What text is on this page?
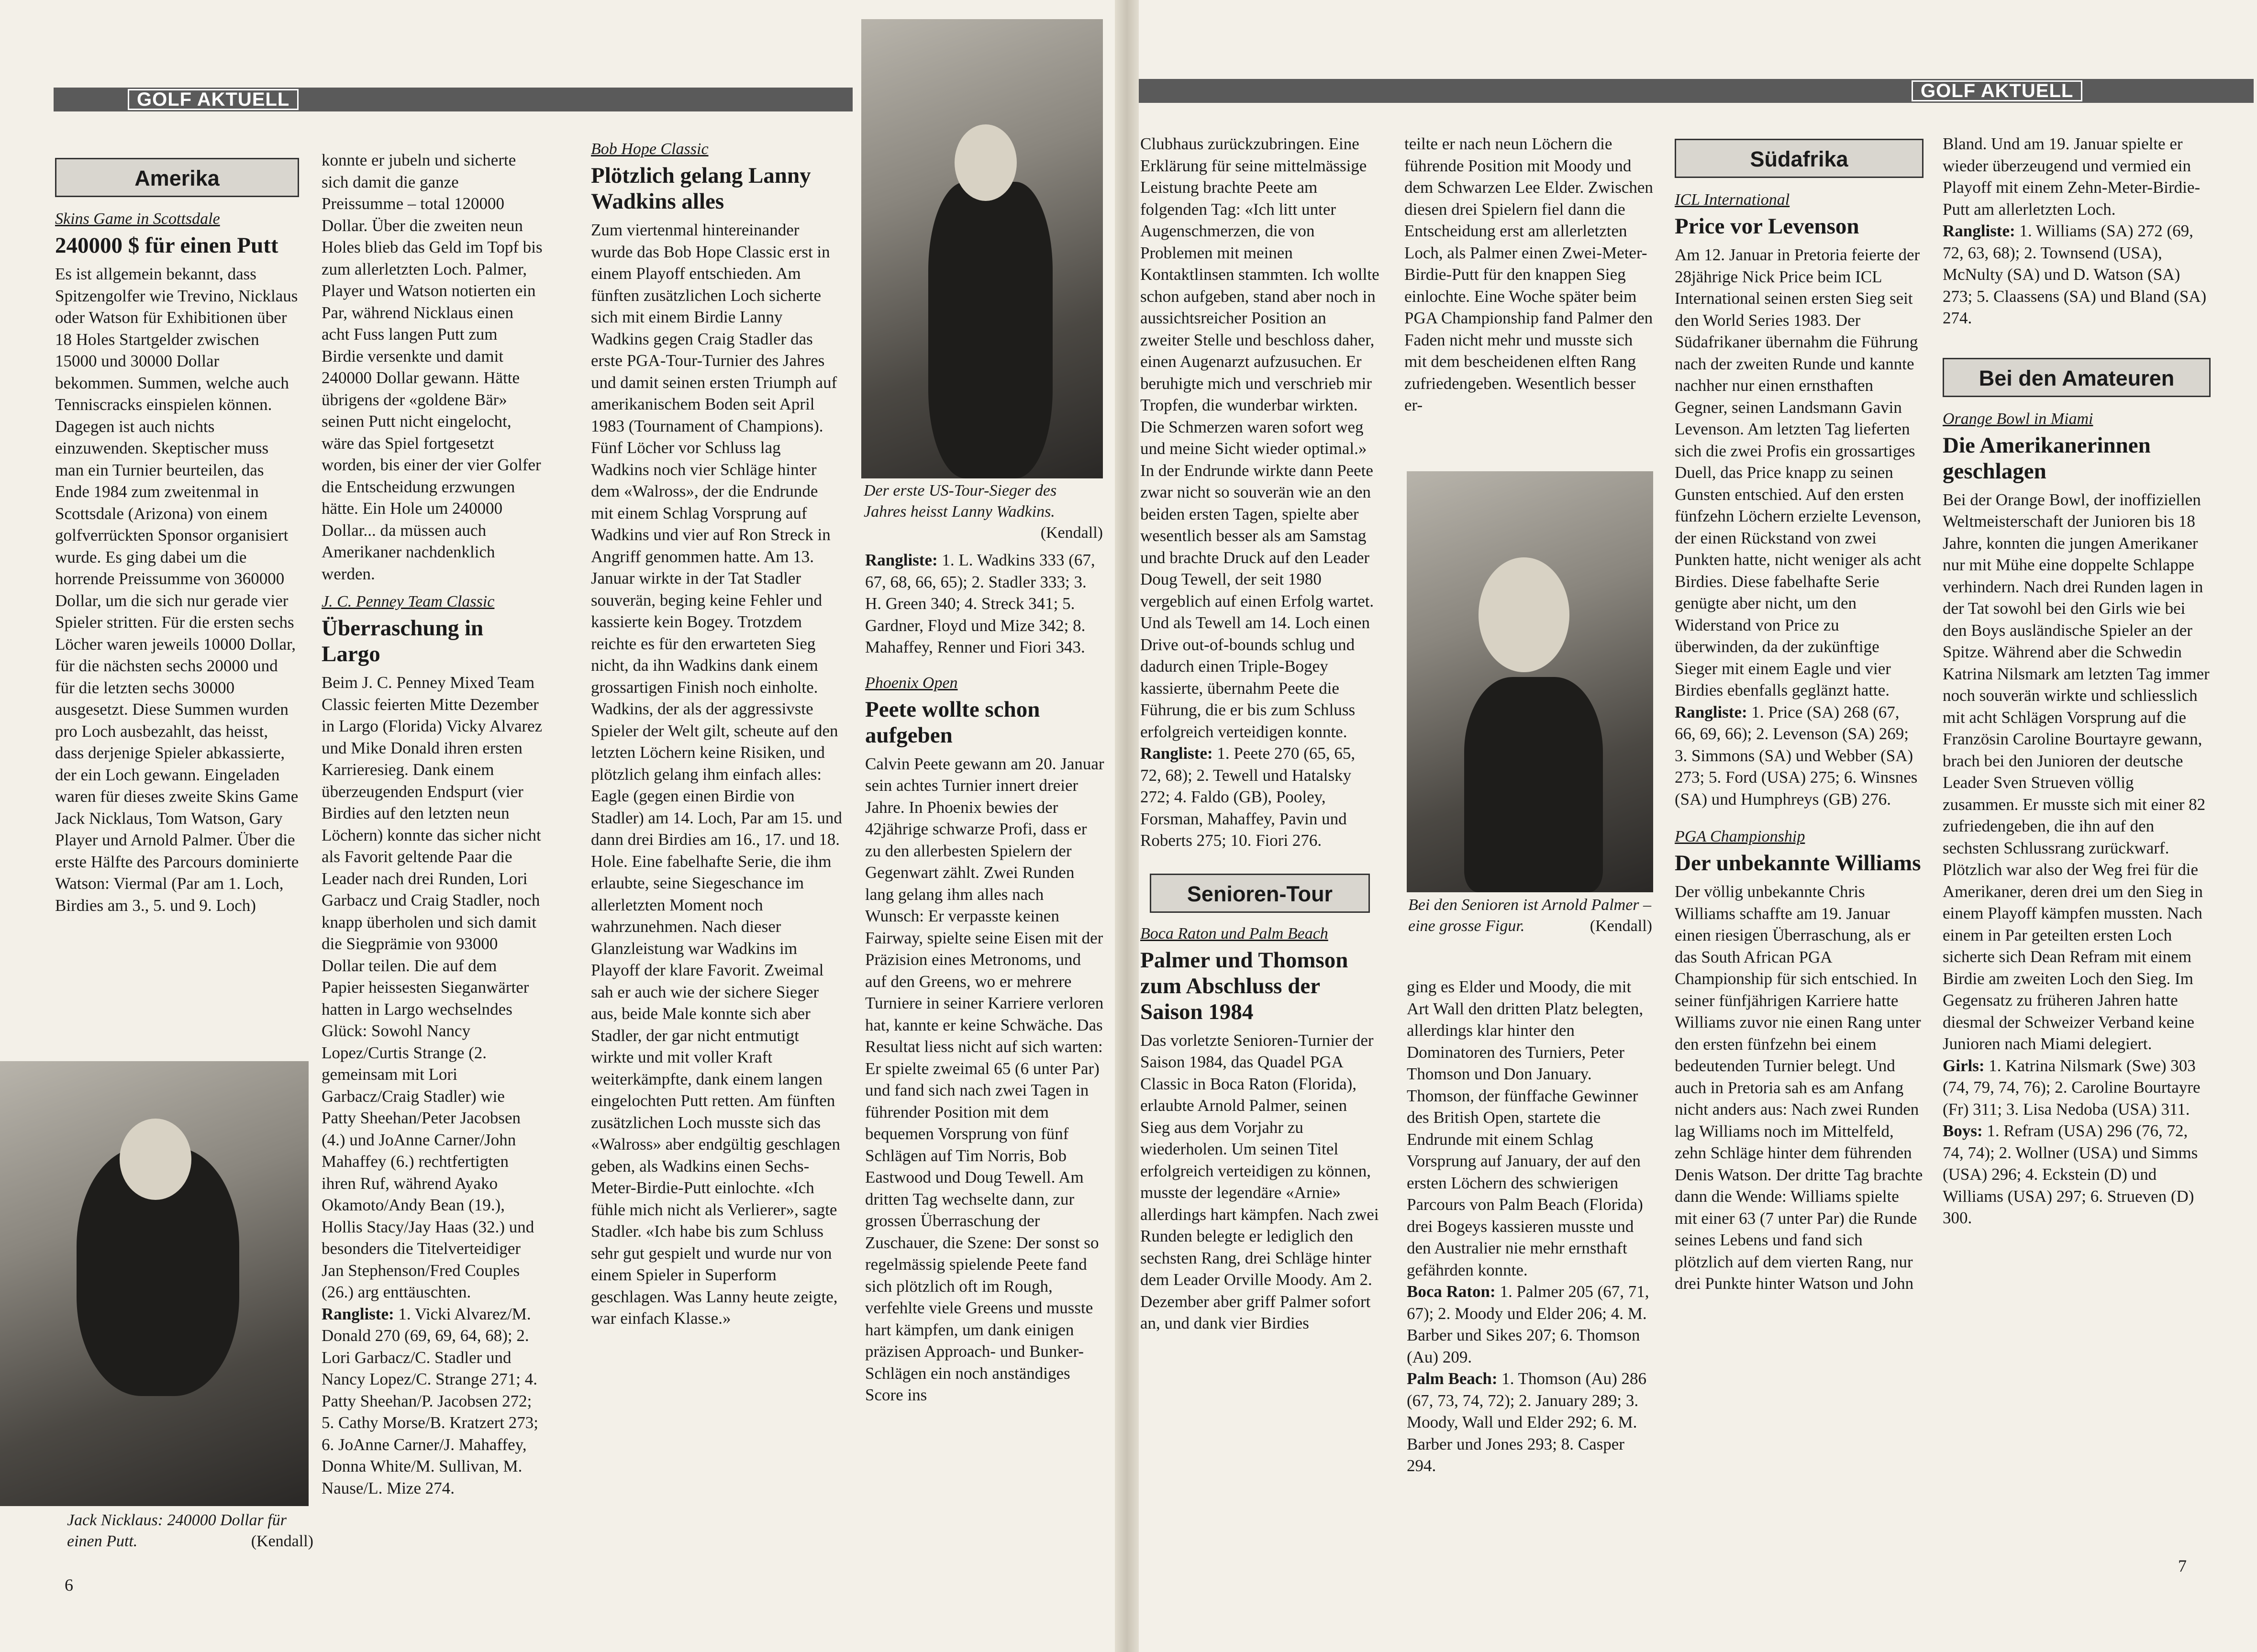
GOLF AKTUELL
Amerika
Skins Game in Scottsdale
240000 $ für einen Putt

Es ist allgemein bekannt, dass Spitzengolfer wie Trevino, Nicklaus oder Watson für Exhibitionen über 18 Holes Startgelder zwischen 15000 und 30000 Dollar bekommen. Summen, welche auch Tenniscracks einspielen können. Dagegen ist auch nichts einzuwenden. Skeptischer muss man ein Turnier beurteilen, das Ende 1984 zum zweitenmal in Scottsdale (Arizona) von einem golfverrückten Sponsor organisiert wurde. Es ging dabei um die horrende Preissumme von 360000 Dollar, um die sich nur gerade vier Spieler stritten. Für die ersten sechs Löcher waren jeweils 10000 Dollar, für die nächsten sechs 20000 und für die letzten sechs 30000 ausgesetzt. Diese Summen wurden pro Loch ausbezahlt, das heisst, dass derjenige Spieler abkassierte, der ein Loch gewann. Eingeladen waren für dieses zweite Skins Game Jack Nicklaus, Tom Watson, Gary Player und Arnold Palmer. Über die erste Hälfte des Parcours dominierte Watson: Viermal (Par am 1. Loch, Birdies am 3., 5. und 9. Loch)

Jack Nicklaus: 240000 Dollar für einen Putt.	(Kendall)

konnte er jubeln und sicherte sich damit die ganze Preissumme – total 120000 Dollar. Über die zweiten neun Holes blieb das Geld im Topf bis zum allerletzten Loch. Palmer, Player und Watson notierten ein Par, während Nicklaus einen acht Fuss langen Putt zum Birdie versenkte und damit 240000 Dollar gewann. Hätte übrigens der «goldene Bär» seinen Putt nicht eingelocht, wäre das Spiel fortgesetzt worden, bis einer der vier Golfer die Entscheidung erzwungen hätte. Ein Hole um 240000 Dollar... da müssen auch Amerikaner nachdenklich werden.

J. C. Penney Team Classic
Überraschung in Largo

Beim J. C. Penney Mixed Team Classic feierten Mitte Dezember in Largo (Florida) Vicky Alvarez und Mike Donald ihren ersten Karrieresieg. Dank einem überzeugenden Endspurt (vier Birdies auf den letzten neun Löchern) konnte das sicher nicht als Favorit geltende Paar die Leader nach drei Runden, Lori Garbacz und Craig Stadler, noch knapp überholen und sich damit die Siegprämie von 93000 Dollar teilen. Die auf dem Papier heissesten Sieganwärter hatten in Largo wechselndes Glück: Sowohl Nancy Lopez/Curtis Strange (2. gemeinsam mit Lori Garbacz/Craig Stadler) wie Patty Sheehan/Peter Jacobsen (4.) und JoAnne Carner/John Mahaffey (6.) rechtfertigten ihren Ruf, während Ayako Okamoto/Andy Bean (19.), Hollis Stacy/Jay Haas (32.) und besonders die Titelverteidiger Jan Stephenson/Fred Couples (26.) arg enttäuschten.

Rangliste: 1. Vicki Alvarez/M. Donald 270 (69, 69, 64, 68); 2. Lori Garbacz/C. Stadler und Nancy Lopez/C. Strange 271; 4. Patty Sheehan/P. Jacobsen 272; 5. Cathy Morse/B. Kratzert 273; 6. JoAnne Carner/J. Mahaffey, Donna White/M. Sullivan, M. Nause/L. Mize 274.

Bob Hope Classic
Plötzlich gelang Lanny Wadkins alles

Zum viertenmal hintereinander wurde das Bob Hope Classic erst in einem Playoff entschieden. Am fünften zusätzlichen Loch sicherte sich mit einem Birdie Lanny Wadkins gegen Craig Stadler das erste PGA-Tour-Turnier des Jahres und damit seinen ersten Triumph auf amerikanischem Boden seit April 1983 (Tournament of Champions). Fünf Löcher vor Schluss lag Wadkins noch vier Schläge hinter dem «Walross», der die Endrunde mit einem Schlag Vorsprung auf Wadkins und vier auf Ron Streck in Angriff genommen hatte. Am 13. Januar wirkte in der Tat Stadler souverän, beging keine Fehler und kassierte kein Bogey. Trotzdem reichte es für den erwarteten Sieg nicht, da ihn Wadkins dank einem grossartigen Finish noch einholte. Wadkins, der als der aggressivste Spieler der Welt gilt, scheute auf den letzten Löchern keine Risiken, und plötzlich gelang ihm einfach alles: Eagle (gegen einen Birdie von Stadler) am 14. Loch, Par am 15. und dann drei Birdies am 16., 17. und 18. Hole. Eine fabelhafte Serie, die ihm erlaubte, seine Siegeschance im allerletzten Moment noch wahrzunehmen. Nach dieser Glanzleistung war Wadkins im Playoff der klare Favorit. Zweimal sah er auch wie der sichere Sieger aus, beide Male konnte sich aber Stadler, der gar nicht entmutigt wirkte und mit voller Kraft weiterkämpfte, dank einem langen eingelochten Putt retten. Am fünften zusätzlichen Loch musste sich das «Walross» aber endgültig geschlagen geben, als Wadkins einen Sechs-Meter-Birdie-Putt einlochte. «Ich fühle mich nicht als Verlierer», sagte Stadler. «Ich habe bis zum Schluss sehr gut gespielt und wurde nur von einem Spieler in Superform geschlagen. Was Lanny heute zeigte, war einfach Klasse.»

Der erste US-Tour-Sieger des Jahres heisst Lanny Wadkins.
(Kendall)

Rangliste: 1. L. Wadkins 333 (67, 67, 68, 66, 65); 2. Stadler 333; 3. H. Green 340; 4. Streck 341; 5. Gardner, Floyd und Mize 342; 8. Mahaffey, Renner und Fiori 343.

Phoenix Open
Peete wollte schon aufgeben

Calvin Peete gewann am 20. Januar sein achtes Turnier innert dreier Jahre. In Phoenix bewies der 42jährige schwarze Profi, dass er zu den allerbesten Spielern der Gegenwart zählt. Zwei Runden lang gelang ihm alles nach Wunsch: Er verpasste keinen Fairway, spielte seine Eisen mit der Präzision eines Metronoms, und auf den Greens, wo er mehrere Turniere in seiner Karriere verloren hat, kannte er keine Schwäche. Das Resultat liess nicht auf sich warten: Er spielte zweimal 65 (6 unter Par) und fand sich nach zwei Tagen in führender Position mit dem bequemen Vorsprung von fünf Schlägen auf Tim Norris, Bob Eastwood und Doug Tewell. Am dritten Tag wechselte dann, zur grossen Überraschung der Zuschauer, die Szene: Der sonst so regelmässig spielende Peete fand sich plötzlich oft im Rough, verfehlte viele Greens und musste hart kämpfen, um dank einigen präzisen Approach- und Bunker-Schlägen ein noch anständiges Score ins

6
GOLF AKTUELL

Clubhaus zurückzubringen. Eine Erklärung für seine mittelmässige Leistung brachte Peete am folgenden Tag: «Ich litt unter Augenschmerzen, die von Problemen mit meinen Kontaktlinsen stammten. Ich wollte schon aufgeben, stand aber noch in aussichtsreicher Position an zweiter Stelle und beschloss daher, einen Augenarzt aufzusuchen. Er beruhigte mich und verschrieb mir Tropfen, die wunderbar wirkten. Die Schmerzen waren sofort weg und meine Sicht wieder optimal.» In der Endrunde wirkte dann Peete zwar nicht so souverän wie an den beiden ersten Tagen, spielte aber wesentlich besser als am Samstag und brachte Druck auf den Leader Doug Tewell, der seit 1980 vergeblich auf einen Erfolg wartet. Und als Tewell am 14. Loch einen Drive out-of-bounds schlug und dadurch einen Triple-Bogey kassierte, übernahm Peete die Führung, die er bis zum Schluss erfolgreich verteidigen konnte.

Rangliste: 1. Peete 270 (65, 65, 72, 68); 2. Tewell und Hatalsky 272; 4. Faldo (GB), Pooley, Forsman, Mahaffey, Pavin und Roberts 275; 10. Fiori 276.

Senioren-Tour
Boca Raton und Palm Beach
Palmer und Thomson zum Abschluss der Saison 1984

Das vorletzte Senioren-Turnier der Saison 1984, das Quadel PGA Classic in Boca Raton (Florida), erlaubte Arnold Palmer, seinen Sieg aus dem Vorjahr zu wiederholen. Um seinen Titel erfolgreich verteidigen zu können, musste der legendäre «Arnie» allerdings hart kämpfen. Nach zwei Runden belegte er lediglich den sechsten Rang, drei Schläge hinter dem Leader Orville Moody. Am 2. Dezember aber griff Palmer sofort an, und dank vier Birdies

teilte er nach neun Löchern die führende Position mit Moody und dem Schwarzen Lee Elder. Zwischen diesen drei Spielern fiel dann die Entscheidung erst am allerletzten Loch, als Palmer einen Zwei-Meter-Birdie-Putt für den knappen Sieg einlochte. Eine Woche später beim PGA Championship fand Palmer den Faden nicht mehr und musste sich mit dem bescheidenen elften Rang zufriedengeben. Wesentlich besser er-

Bei den Senioren ist Arnold Palmer – eine grosse Figur.	(Kendall)

ging es Elder und Moody, die mit Art Wall den dritten Platz belegten, allerdings klar hinter den Dominatoren des Turniers, Peter Thomson und Don January. Thomson, der fünffache Gewinner des British Open, startete die Endrunde mit einem Schlag Vorsprung auf January, der auf den ersten Löchern des schwierigen Parcours von Palm Beach (Florida) drei Bogeys kassieren musste und den Australier nie mehr ernsthaft gefährden konnte.

Boca Raton: 1. Palmer 205 (67, 71, 67); 2. Moody und Elder 206; 4. M. Barber und Sikes 207; 6. Thomson (Au) 209.

Palm Beach: 1. Thomson (Au) 286 (67, 73, 74, 72); 2. January 289; 3. Moody, Wall und Elder 292; 6. M. Barber und Jones 293; 8. Casper 294.

Südafrika
ICL International
Price vor Levenson

Am 12. Januar in Pretoria feierte der 28jährige Nick Price beim ICL International seinen ersten Sieg seit den World Series 1983. Der Südafrikaner übernahm die Führung nach der zweiten Runde und kannte nachher nur einen ernsthaften Gegner, seinen Landsmann Gavin Levenson. Am letzten Tag lieferten sich die zwei Profis ein grossartiges Duell, das Price knapp zu seinen Gunsten entschied. Auf den ersten fünfzehn Löchern erzielte Levenson, der einen Rückstand von zwei Punkten hatte, nicht weniger als acht Birdies. Diese fabelhafte Serie genügte aber nicht, um den Widerstand von Price zu überwinden, da der zukünftige Sieger mit einem Eagle und vier Birdies ebenfalls geglänzt hatte.

Rangliste: 1. Price (SA) 268 (67, 66, 69, 66); 2. Levenson (SA) 269; 3. Simmons (SA) und Webber (SA) 273; 5. Ford (USA) 275; 6. Winsnes (SA) und Humphreys (GB) 276.

PGA Championship
Der unbekannte Williams

Der völlig unbekannte Chris Williams schaffte am 19. Januar einen riesigen Überraschung, als er das South African PGA Championship für sich entschied. In seiner fünfjährigen Karriere hatte Williams zuvor nie einen Rang unter den ersten fünfzehn bei einem bedeutenden Turnier belegt. Und auch in Pretoria sah es am Anfang nicht anders aus: Nach zwei Runden lag Williams noch im Mittelfeld, zehn Schläge hinter dem führenden Denis Watson. Der dritte Tag brachte dann die Wende: Williams spielte mit einer 63 (7 unter Par) die Runde seines Lebens und fand sich plötzlich auf dem vierten Rang, nur drei Punkte hinter Watson und John

Bland. Und am 19. Januar spielte er wieder überzeugend und vermied ein Playoff mit einem Zehn-Meter-Birdie-Putt am allerletzten Loch.

Rangliste: 1. Williams (SA) 272 (69, 72, 63, 68); 2. Townsend (USA), McNulty (SA) und D. Watson (SA) 273; 5. Claassens (SA) und Bland (SA) 274.

Bei den Amateuren
Orange Bowl in Miami
Die Amerikanerinnen geschlagen

Bei der Orange Bowl, der inoffiziellen Weltmeisterschaft der Junioren bis 18 Jahre, konnten die jungen Amerikaner nur mit Mühe eine doppelte Schlappe verhindern. Nach drei Runden lagen in der Tat sowohl bei den Girls wie bei den Boys ausländische Spieler an der Spitze. Während aber die Schwedin Katrina Nilsmark am letzten Tag immer noch souverän wirkte und schliesslich mit acht Schlägen Vorsprung auf die Französin Caroline Bourtayre gewann, brach bei den Junioren der deutsche Leader Sven Strueven völlig zusammen. Er musste sich mit einer 82 zufriedengeben, die ihn auf den sechsten Schlussrang zurückwarf. Plötzlich war also der Weg frei für die Amerikaner, deren drei um den Sieg in einem Playoff kämpfen mussten. Nach einem in Par geteilten ersten Loch sicherte sich Dean Refram mit einem Birdie am zweiten Loch den Sieg. Im Gegensatz zu früheren Jahren hatte diesmal der Schweizer Verband keine Junioren nach Miami delegiert.

Girls: 1. Katrina Nilsmark (Swe) 303 (74, 79, 74, 76); 2. Caroline Bourtayre (Fr) 311; 3. Lisa Nedoba (USA) 311.

Boys: 1. Refram (USA) 296 (76, 72, 74, 74); 2. Wollner (USA) und Simms (USA) 296; 4. Eckstein (D) und Williams (USA) 297; 6. Strueven (D) 300.

7
